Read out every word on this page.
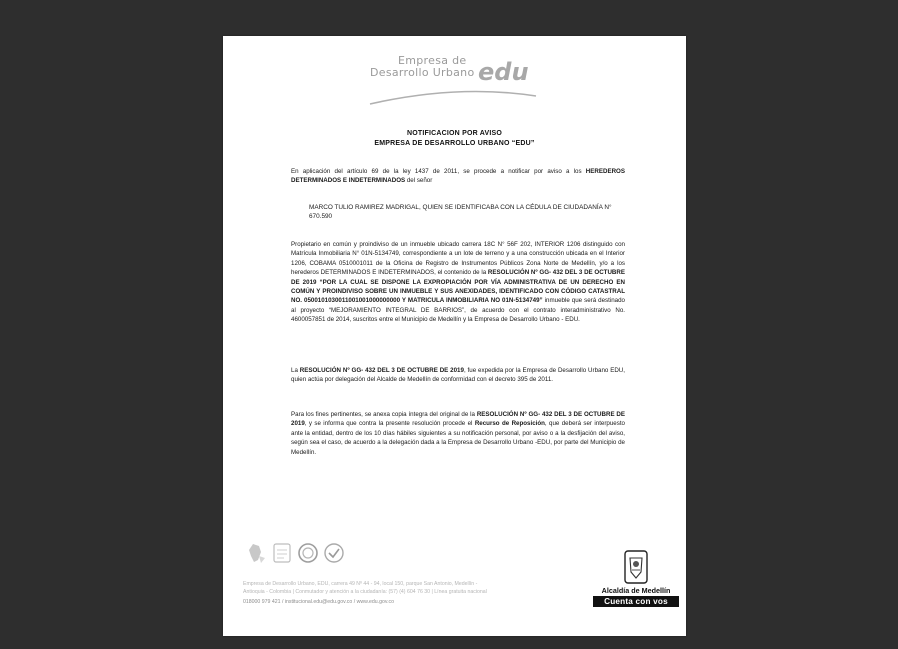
Empresa de
Desarrollo Urbano edu
NOTIFICACION POR AVISO
EMPRESA DE DESARROLLO URBANO “EDU”
En aplicación del artículo 69 de la ley 1437 de 2011, se procede a notificar por aviso a los HEREDEROS DETERMINADOS E INDETERMINADOS del señor
MARCO TULIO RAMIREZ MADRIGAL, QUIEN SE IDENTIFICABA CON LA CÉDULA DE CIUDADANÍA N° 670.590
Propietario en común y proindiviso de un inmueble ubicado carrera 18C N° 56F 202, INTERIOR 1206 distinguido con Matrícula Inmobiliaria N° 01N-5134749, correspondiente a un lote de terreno y a una construcción ubicada en el Interior 1206, COBAMA 0510001011 de la Oficina de Registro de Instrumentos Públicos Zona Norte de Medellín, y/o a los herederos DETERMINADOS E INDETERMINADOS, el contenido de la RESOLUCIÓN Nº GG- 432 DEL 3 DE OCTUBRE DE 2019 “POR LA CUAL SE DISPONE LA EXPROPIACIÓN POR VÍA ADMINISTRATIVA DE UN DERECHO EN COMÚN Y PROINDIVISO SOBRE UN INMUEBLE Y SUS ANEXIDADES, IDENTIFICADO CON CÓDIGO CATASTRAL NO. 0500101030011001001000000000 Y MATRICULA INMOBILIARIA NO 01N-5134749” inmueble que será destinado al proyecto “MEJORAMIENTO INTEGRAL DE BARRIOS”, de acuerdo con el contrato interadministrativo No. 4600057851 de 2014, suscritos entre el Municipio de Medellín y la Empresa de Desarrollo Urbano - EDU.
La RESOLUCIÓN Nº GG- 432 DEL 3 DE OCTUBRE DE 2019, fue expedida por la Empresa de Desarrollo Urbano EDU, quien actúa por delegación del Alcalde de Medellín de conformidad con el decreto 395 de 2011.
Para los fines pertinentes, se anexa copia íntegra del original de la RESOLUCIÓN Nº GG- 432 DEL 3 DE OCTUBRE DE 2019, y se informa que contra la presente resolución procede el Recurso de Reposición, que deberá ser interpuesto ante la entidad, dentro de los 10 días hábiles siguientes a su notificación personal, por aviso o a la desfijación del aviso, según sea el caso, de acuerdo a la delegación dada a la Empresa de Desarrollo Urbano -EDU, por parte del Municipio de Medellín.
Empresa de Desarrollo Urbano, EDU, carrera 49 Nº 44 - 94, local 150, parque San Antonio, Medellín -
Antioquia - Colombia | Conmutador y atención a la ciudadanía: (57) (4) 604 76 30 | Línea gratuita nacional
018000 979 421 / institucional.edu@edu.gov.co / www.edu.gov.co
Alcaldía de Medellín
Cuenta con vos
